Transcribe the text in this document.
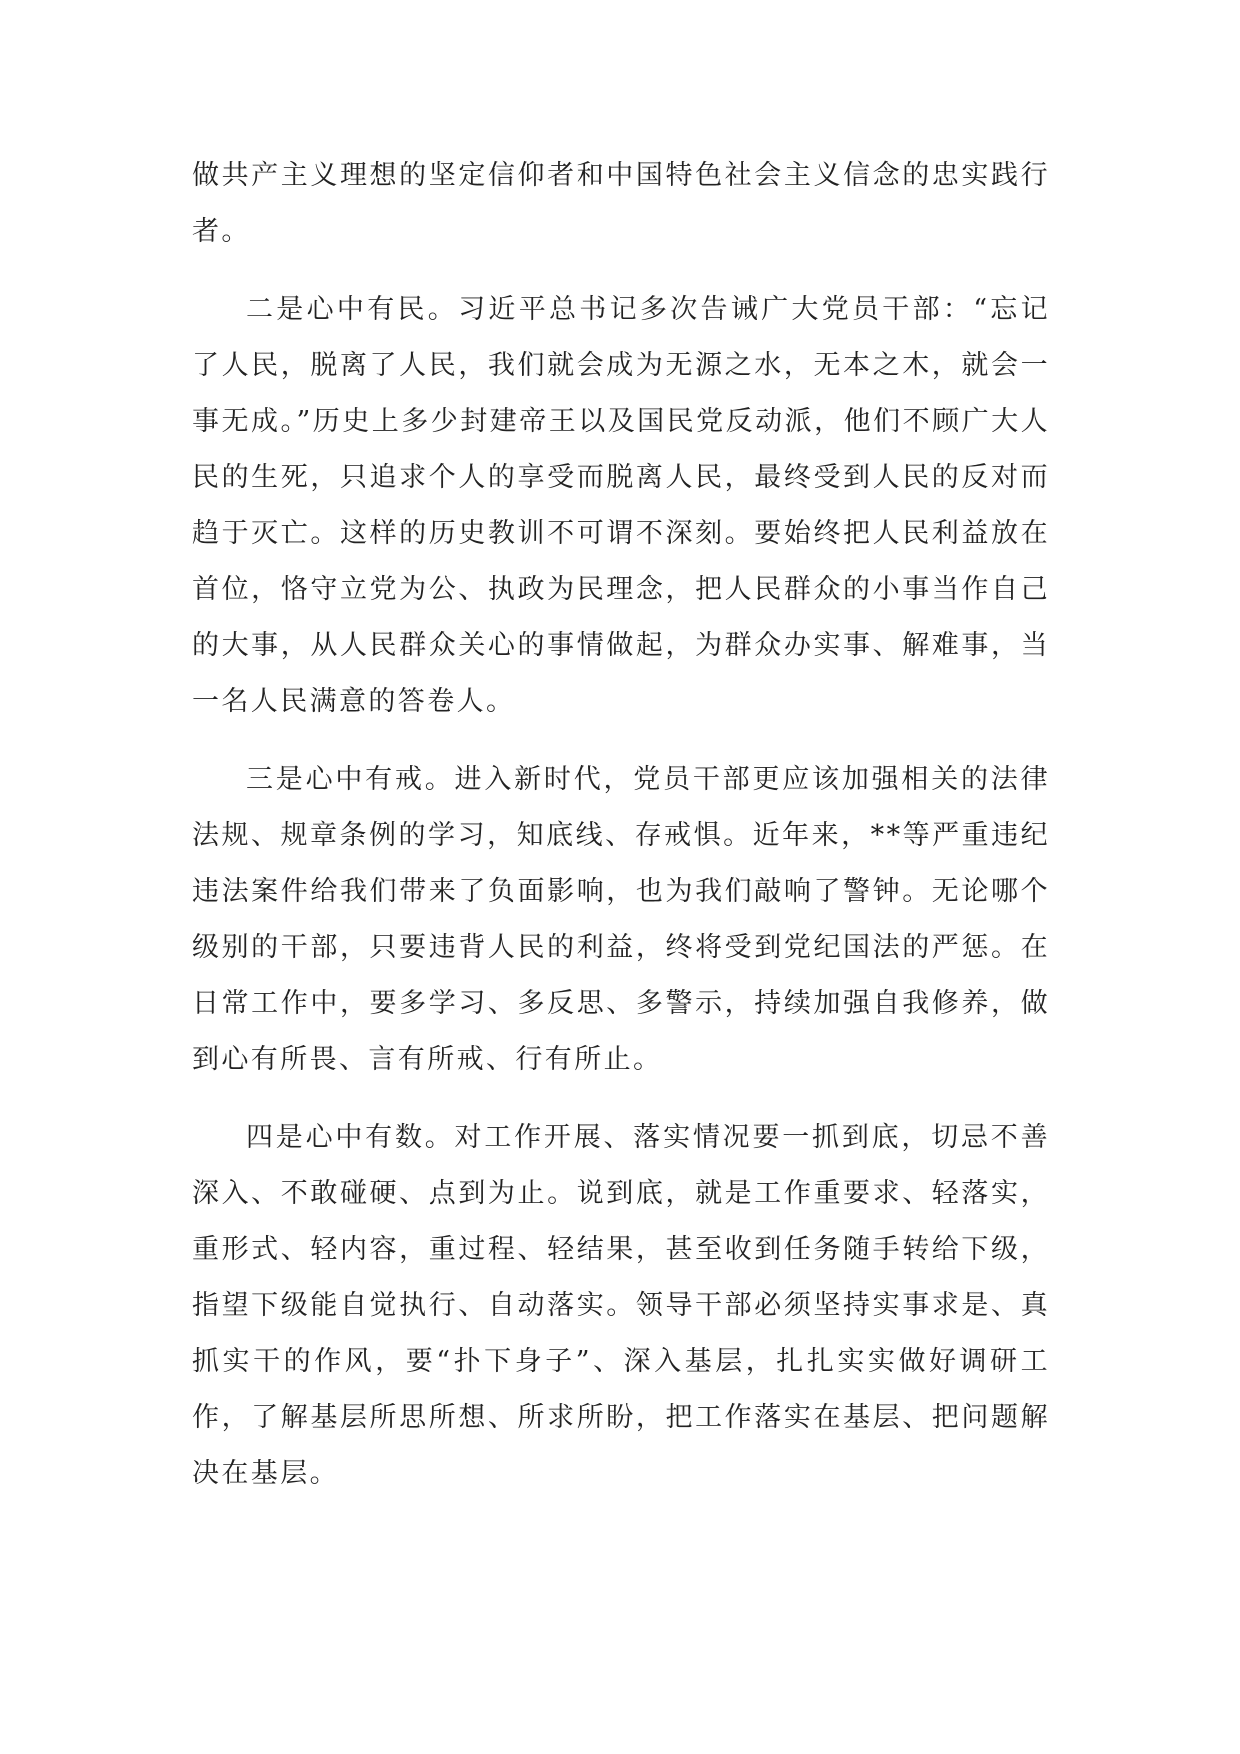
做共产主义理想的坚定信仰者和中国特色社会主义信念的忠实践行者。

二是心中有民。习近平总书记多次告诫广大党员干部：“忘记了人民，脱离了人民，我们就会成为无源之水，无本之木，就会一事无成。”历史上多少封建帝王以及国民党反动派，他们不顾广大人民的生死，只追求个人的享受而脱离人民，最终受到人民的反对而趋于灭亡。这样的历史教训不可谓不深刻。要始终把人民利益放在首位，恪守立党为公、执政为民理念，把人民群众的小事当作自己的大事，从人民群众关心的事情做起，为群众办实事、解难事，当一名人民满意的答卷人。

三是心中有戒。进入新时代，党员干部更应该加强相关的法律法规、规章条例的学习，知底线、存戒惧。近年来，**等严重违纪违法案件给我们带来了负面影响，也为我们敲响了警钟。无论哪个级别的干部，只要违背人民的利益，终将受到党纪国法的严惩。在日常工作中，要多学习、多反思、多警示，持续加强自我修养，做到心有所畏、言有所戒、行有所止。

四是心中有数。对工作开展、落实情况要一抓到底，切忌不善深入、不敢碰硬、点到为止。说到底，就是工作重要求、轻落实，重形式、轻内容，重过程、轻结果，甚至收到任务随手转给下级，指望下级能自觉执行、自动落实。领导干部必须坚持实事求是、真抓实干的作风，要“扑下身子”、深入基层，扎扎实实做好调研工作，了解基层所思所想、所求所盼，把工作落实在基层、把问题解决在基层。
